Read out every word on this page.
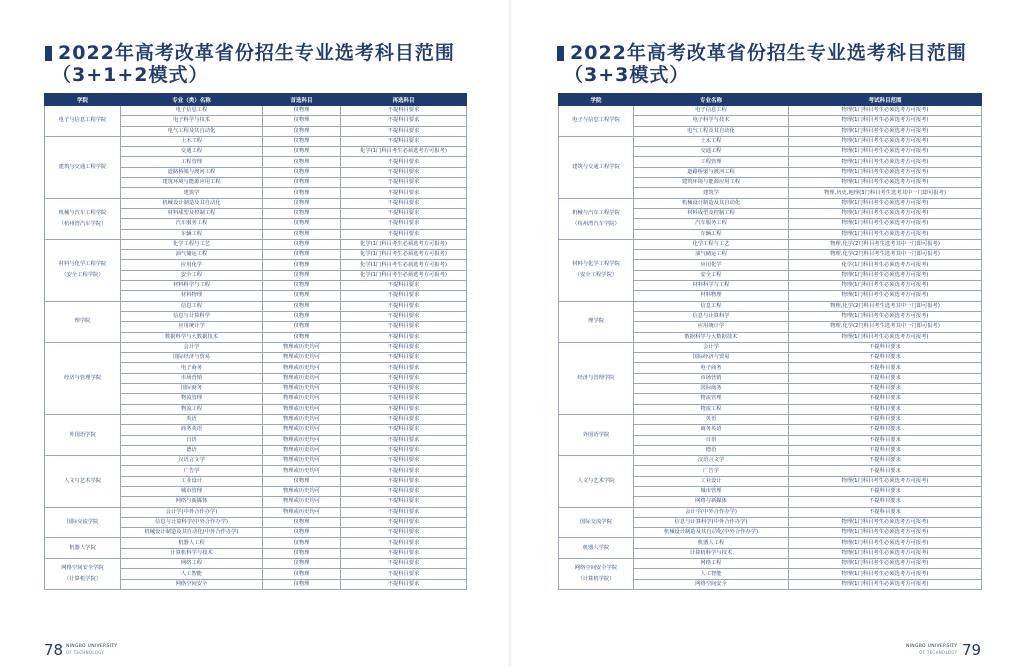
2022年高考改革省份招生专业选考科目范围
（3+1+2模式）
学院	专业（类）名称	首选科目	再选科目

电子与信息工程学院	电子信息工程	仅物理	不提科目要求
	电子科学与技术	仅物理	不提科目要求
	电气工程及其自动化	仅物理	不提科目要求

建筑与交通工程学院	土木工程	仅物理	不提科目要求
	交通工程	仅物理	化学(1门科目考生必须选考方可报考)
	工程管理	仅物理	不提科目要求
	道路桥梁与渡河工程	仅物理	不提科目要求
	建筑环境与能源应用工程	仅物理	不提科目要求
	建筑学	仅物理	不提科目要求

机械与汽车工程学院
（杭州湾汽车学院）	机械设计制造及其自动化	仅物理	不提科目要求
	材料成型及控制工程	仅物理	不提科目要求
	汽车服务工程	仅物理	不提科目要求
	车辆工程	仅物理	不提科目要求

材料与化学工程学院
（安全工程学院）	化学工程与工艺	仅物理	化学(1门科目考生必须选考方可报考)
	油气储运工程	仅物理	化学(1门科目考生必须选考方可报考)
	应用化学	仅物理	化学(1门科目考生必须选考方可报考)
	安全工程	仅物理	化学(1门科目考生必须选考方可报考)
	材料科学与工程	仅物理	不提科目要求
	材料物理	仅物理	不提科目要求

理学院	信息工程	仅物理	不提科目要求
	信息与计算科学	仅物理	不提科目要求
	应用统计学	仅物理	不提科目要求
	数据科学与大数据技术	仅物理	不提科目要求

经济与管理学院	会计学	物理或历史均可	不提科目要求
	国际经济与贸易	物理或历史均可	不提科目要求
	电子商务	物理或历史均可	不提科目要求
	市场营销	物理或历史均可	不提科目要求
	国际商务	物理或历史均可	不提科目要求
	物流管理	物理或历史均可	不提科目要求
	物流工程	物理或历史均可	不提科目要求

外国语学院	英语	物理或历史均可	不提科目要求
	商务英语	物理或历史均可	不提科目要求
	日语	物理或历史均可	不提科目要求
	德语	物理或历史均可	不提科目要求

人文与艺术学院	汉语言文学	物理或历史均可	不提科目要求
	广告学	物理或历史均可	不提科目要求
	工业设计	仅物理	不提科目要求
	城市管理	物理或历史均可	不提科目要求
	网络与新媒体	物理或历史均可	不提科目要求

国际交流学院	会计学(中外合作办学)	物理或历史均可	不提科目要求
	信息与计算科学(中外合作办学)	仅物理	不提科目要求
	机械设计制造及其自动化(中外合作办学)	仅物理	不提科目要求

机器人学院	机器人工程	仅物理	不提科目要求
	计算机科学与技术	仅物理	不提科目要求

网络空间安全学院
（计算机学院）	网络工程	仅物理	不提科目要求
	人工智能	仅物理	不提科目要求
	网络空间安全	仅物理	不提科目要求
78 NINGBO UNIVERSITY
OF TECHNOLOGY
2022年高考改革省份招生专业选考科目范围
（3+3模式）
学院	专业名称	考试科目范围

电子与信息工程学院	电子信息工程	物理(1门科目考生必须选考方可报考)
	电子科学与技术	物理(1门科目考生必须选考方可报考)
	电气工程及其自动化	物理(1门科目考生必须选考方可报考)

建筑与交通工程学院	土木工程	物理(1门科目考生必须选考方可报考)
	交通工程	物理(1门科目考生必须选考方可报考)
	工程管理	物理(1门科目考生必须选考方可报考)
	道路桥梁与渡河工程	物理(1门科目考生必须选考方可报考)
	建筑环境与能源应用工程	物理(1门科目考生必须选考方可报考)
	建筑学	物理,历史,地理(3门科目考生选考其中一门即可报考)

机械与汽车工程学院
（杭州湾汽车学院）	机械设计制造及其自动化	物理(1门科目考生必须选考方可报考)
	材料成型及控制工程	物理(1门科目考生必须选考方可报考)
	汽车服务工程	物理(1门科目考生必须选考方可报考)
	车辆工程	物理(1门科目考生必须选考方可报考)

材料与化学工程学院
（安全工程学院）	化学工程与工艺	物理,化学(2门科目考生选考其中一门即可报考)
	油气储运工程	物理,化学(2门科目考生选考其中一门即可报考)
	应用化学	化学(1门科目考生必须选考方可报考)
	安全工程	物理(1门科目考生必须选考方可报考)
	材料科学与工程	物理(1门科目考生必须选考方可报考)
	材料物理	物理(1门科目考生必须选考方可报考)

理学院	信息工程	物理,化学(2门科目考生选考其中一门即可报考)
	信息与计算科学	物理(1门科目考生必须选考方可报考)
	应用统计学	物理,化学(2门科目考生选考其中一门即可报考)
	数据科学与大数据技术	物理(1门科目考生必须选考方可报考)

经济与管理学院	会计学	不提科目要求
	国际经济与贸易	不提科目要求
	电子商务	不提科目要求
	市场营销	不提科目要求
	国际商务	不提科目要求
	物流管理	不提科目要求
	物流工程	不提科目要求

外国语学院	英语	不提科目要求
	商务英语	不提科目要求
	日语	不提科目要求
	德语	不提科目要求

人文与艺术学院	汉语言文学	不提科目要求
	广告学	不提科目要求
	工业设计	物理(1门科目考生必须选考方可报考)
	城市管理	不提科目要求
	网络与新媒体	不提科目要求

国际交流学院	会计学(中外合作办学)	不提科目要求
	信息与计算科学(中外合作办学)	物理(1门科目考生必须选考方可报考)
	机械设计制造及其自动化(中外合作办学)	物理(1门科目考生必须选考方可报考)

机器人学院	机器人工程	物理(1门科目考生必须选考方可报考)
	计算机科学与技术	物理(1门科目考生必须选考方可报考)

网络空间安全学院
（计算机学院）	网络工程	物理(1门科目考生必须选考方可报考)
	人工智能	物理(1门科目考生必须选考方可报考)
	网络空间安全	物理(1门科目考生必须选考方可报考)
NINGBO UNIVERSITY
OF TECHNOLOGY 79
